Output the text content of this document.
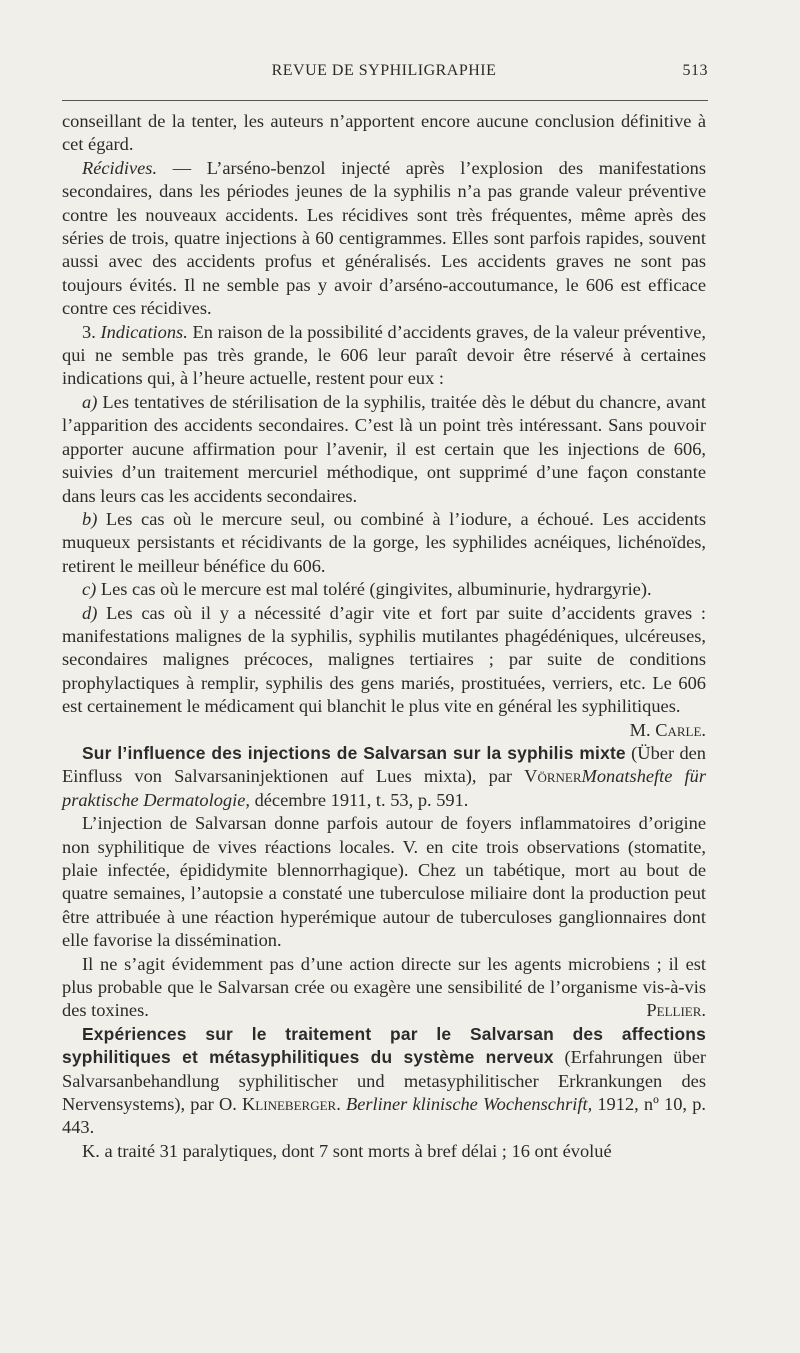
REVUE DE SYPHILIGRAPHIE	513

conseillant de la tenter, les auteurs n’apportent encore aucune conclusion définitive à cet égard.

Récidives. — L’arséno-benzol injecté après l’explosion des manifestations secondaires, dans les périodes jeunes de la syphilis n’a pas grande valeur préventive contre les nouveaux accidents. Les récidives sont très fréquentes, même après des séries de trois, quatre injections à 60 centigrammes. Elles sont parfois rapides, souvent aussi avec des accidents profus et généralisés. Les accidents graves ne sont pas toujours évités. Il ne semble pas y avoir d’arséno-accoutumance, le 606 est efficace contre ces récidives.

3. Indications. En raison de la possibilité d’accidents graves, de la valeur préventive, qui ne semble pas très grande, le 606 leur paraît devoir être réservé à certaines indications qui, à l’heure actuelle, restent pour eux :

a) Les tentatives de stérilisation de la syphilis, traitée dès le début du chancre, avant l’apparition des accidents secondaires. C’est là un point très intéressant. Sans pouvoir apporter aucune affirmation pour l’avenir, il est certain que les injections de 606, suivies d’un traitement mercuriel méthodique, ont supprimé d’une façon constante dans leurs cas les accidents secondaires.

b) Les cas où le mercure seul, ou combiné à l’iodure, a échoué. Les accidents muqueux persistants et récidivants de la gorge, les syphilides acnéiques, lichénoïdes, retirent le meilleur bénéfice du 606.

c) Les cas où le mercure est mal toléré (gingivites, albuminurie, hydrargyrie).

d) Les cas où il y a nécessité d’agir vite et fort par suite d’accidents graves : manifestations malignes de la syphilis, syphilis mutilantes phagédéniques, ulcéreuses, secondaires malignes précoces, malignes tertiaires ; par suite de conditions prophylactiques à remplir, syphilis des gens mariés, prostituées, verriers, etc. Le 606 est certainement le médicament qui blanchit le plus vite en général les syphilitiques.
M. Carle.

Sur l’influence des injections de Salvarsan sur la syphilis mixte (Über den Einfluss von Salvarsaninjektionen auf Lues mixta), par VörnerMonatshefte für praktische Dermatologie, décembre 1911, t. 53, p. 591.

L’injection de Salvarsan donne parfois autour de foyers inflammatoires d’origine non syphilitique de vives réactions locales. V. en cite trois observations (stomatite, plaie infectée, épididymite blennorrhagique). Chez un tabétique, mort au bout de quatre semaines, l’autopsie a constaté une tuberculose miliaire dont la production peut être attribuée à une réaction hyperémique autour de tuberculoses ganglionnaires dont elle favorise la dissémination.

Il ne s’agit évidemment pas d’une action directe sur les agents microbiens ; il est plus probable que le Salvarsan crée ou exagère une sensibilité de l’organisme vis-à-vis des toxines.	Pellier.

Expériences sur le traitement par le Salvarsan des affections syphilitiques et métasyphilitiques du système nerveux (Erfahrungen über Salvarsanbehandlung syphilitischer und metasyphilitischer Erkrankungen des Nervensystems), par O. Klineberger. Berliner klinische Wochenschrift, 1912, nº 10, p. 443.

K. a traité 31 paralytiques, dont 7 sont morts à bref délai ; 16 ont évolué
